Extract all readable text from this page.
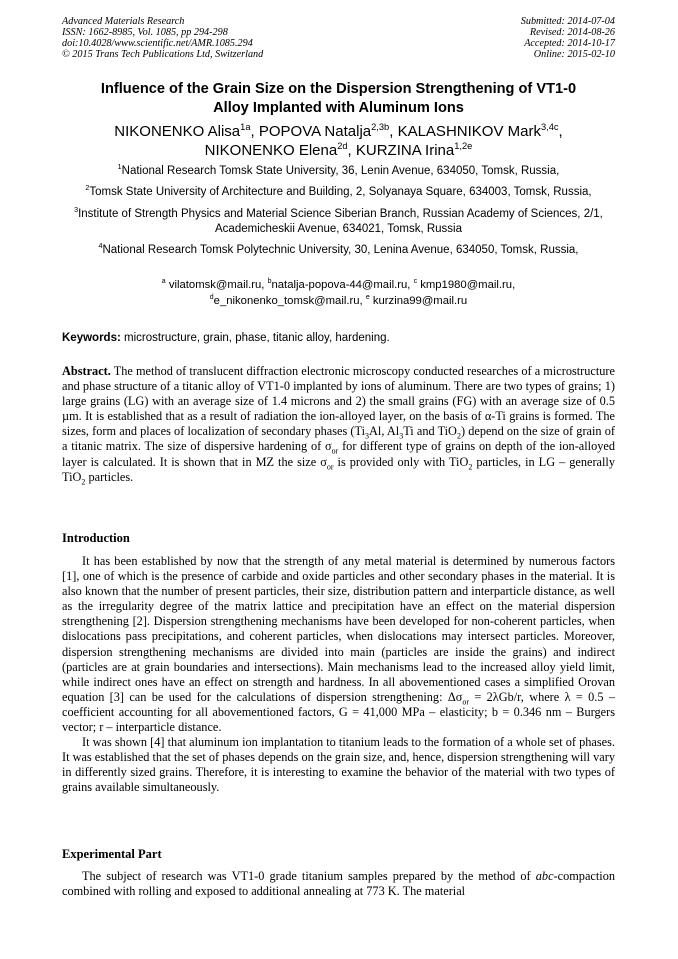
Advanced Materials Research
ISSN: 1662-8985, Vol. 1085, pp 294-298
doi:10.4028/www.scientific.net/AMR.1085.294
© 2015 Trans Tech Publications Ltd, Switzerland
Submitted: 2014-07-04
Revised: 2014-08-26
Accepted: 2014-10-17
Online: 2015-02-10
Influence of the Grain Size on the Dispersion Strengthening of VT1-0
Alloy Implanted with Aluminum Ions
NIKONENKO Alisa$^{1a}$, POPOVA Natalja$^{2,3b}$, KALASHNIKOV Mark$^{3,4c}$,
NIKONENKO Elena$^{2d}$, KURZINA Irina$^{1,2e}$
$^1$National Research Tomsk State University, 36, Lenin Avenue, 634050, Tomsk, Russia,
$^2$Tomsk State University of Architecture and Building, 2, Solyanaya Square, 634003, Tomsk, Russia,
$^3$Institute of Strength Physics and Material Science Siberian Branch, Russian Academy of Sciences, 2/1, Academicheskii Avenue, 634021, Tomsk, Russia
$^4$National Research Tomsk Polytechnic University, 30, Lenina Avenue, 634050, Tomsk, Russia,
$^a$ vilatomsk@mail.ru, $^b$natalja-popova-44@mail.ru, $^c$ kmp1980@mail.ru,
$^d$e_nikonenko_tomsk@mail.ru, $^e$ kurzina99@mail.ru
Keywords: microstructure, grain, phase, titanic alloy, hardening.
Abstract. The method of translucent diffraction electronic microscopy conducted researches of a microstructure and phase structure of a titanic alloy of VT1-0 implanted by ions of aluminum. There are two types of grains; 1) large grains (LG) with an average size of 1.4 microns and 2) the small grains (FG) with an average size of 0.5 µm. It is established that as a result of radiation the ion-alloyed layer, on the basis of α-Ti grains is formed. The sizes, form and places of localization of secondary phases ($Ti_3Al$, $Al_3Ti$ and TiO$_2$) depend on the size of grain of a titanic matrix. The size of dispersive hardening of $\sigma_{or}$ for different type of grains on depth of the ion-alloyed layer is calculated. It is shown that in MZ the size $\sigma_{or}$ is provided only with TiO$_2$ particles, in LG – generally TiO$_2$ particles.
Introduction

It has been established by now that the strength of any metal material is determined by numerous factors [1], one of which is the presence of carbide and oxide particles and other secondary phases in the material. It is also known that the number of present particles, their size, distribution pattern and interparticle distance, as well as the irregularity degree of the matrix lattice and precipitation have an effect on the material dispersion strengthening [2]. Dispersion strengthening mechanisms have been developed for non-coherent particles, when dislocations pass precipitations, and coherent particles, when dislocations may intersect particles. Moreover, dispersion strengthening mechanisms are divided into main (particles are inside the grains) and indirect (particles are at grain boundaries and intersections). Main mechanisms lead to the increased alloy yield limit, while indirect ones have an effect on strength and hardness. In all abovementioned cases a simplified Orovan equation [3] can be used for the calculations of dispersion strengthening: $\Delta\sigma_{or} = 2\lambda Gb/r$, where λ = 0.5 – coefficient accounting for all abovementioned factors, G = 41,000 MPa – elasticity; b = 0.346 nm – Burgers vector; r – interparticle distance.

It was shown [4] that aluminum ion implantation to titanium leads to the formation of a whole set of phases. It was established that the set of phases depends on the grain size, and, hence, dispersion strengthening will vary in differently sized grains. Therefore, it is interesting to examine the behavior of the material with two types of grains available simultaneously.

Experimental Part

The subject of research was VT1-0 grade titanium samples prepared by the method of abc-compaction combined with rolling and exposed to additional annealing at 773 K. The material
